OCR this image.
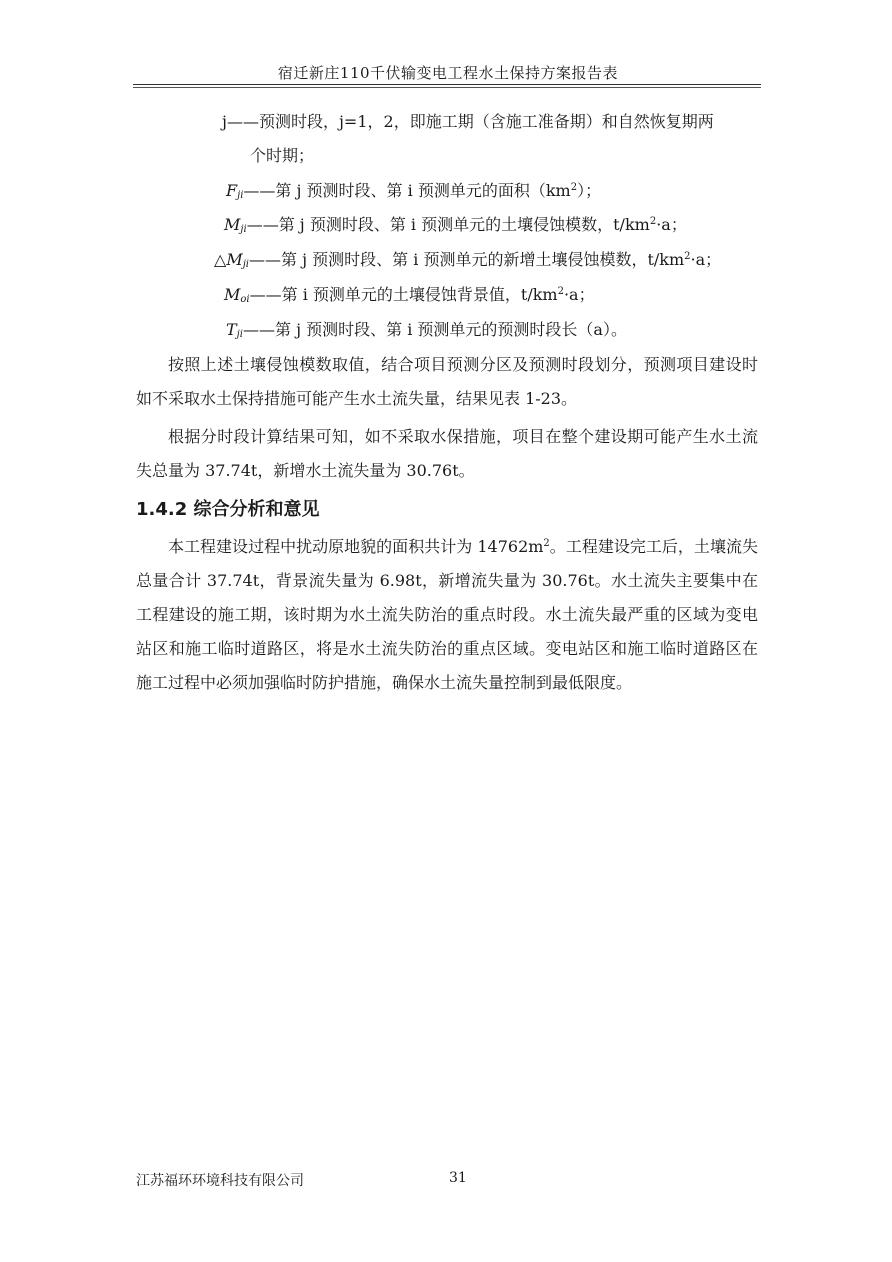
宿迁新庄110千伏输变电工程水土保持方案报告表
j——预测时段，j=1，2，即施工期（含施工准备期）和自然恢复期两
个时期；
$F_{ji}——$第 j 预测时段、第 i 预测单元的面积$(km^2)$；
$M_{ji}——$第 j 预测时段、第 i 预测单元的土壤侵蚀模数，$t/km^2\cdot a$；
$\triangle M_{ji}——$第 j 预测时段、第 i 预测单元的新增土壤侵蚀模数，$t/km^2\cdot a$；
$M_{oi}——$第 i 预测单元的土壤侵蚀背景值，$t/km^2\cdot a$；
$T_{ji}——$第 j 预测时段、第 i 预测单元的预测时段长（a）。

按照上述土壤侵蚀模数取值，结合项目预测分区及预测时段划分，预测项目建设时如不采取水土保持措施可能产生水土流失量，结果见表 1-23。

根据分时段计算结果可知，如不采取水保措施，项目在整个建设期可能产生水土流失总量为 37.74t，新增水土流失量为 30.76t。

1.4.2 综合分析和意见

本工程建设过程中扰动原地貌的面积共计为 $14762m^2$。工程建设完工后，土壤流失总量合计 37.74t，背景流失量为 6.98t，新增流失量为 30.76t。水土流失主要集中在工程建设的施工期，该时期为水土流失防治的重点时段。水土流失最严重的区域为变电站区和施工临时道路区，将是水土流失防治的重点区域。变电站区和施工临时道路区在施工过程中必须加强临时防护措施，确保水土流失量控制到最低限度。

江苏福环环境科技有限公司	31
